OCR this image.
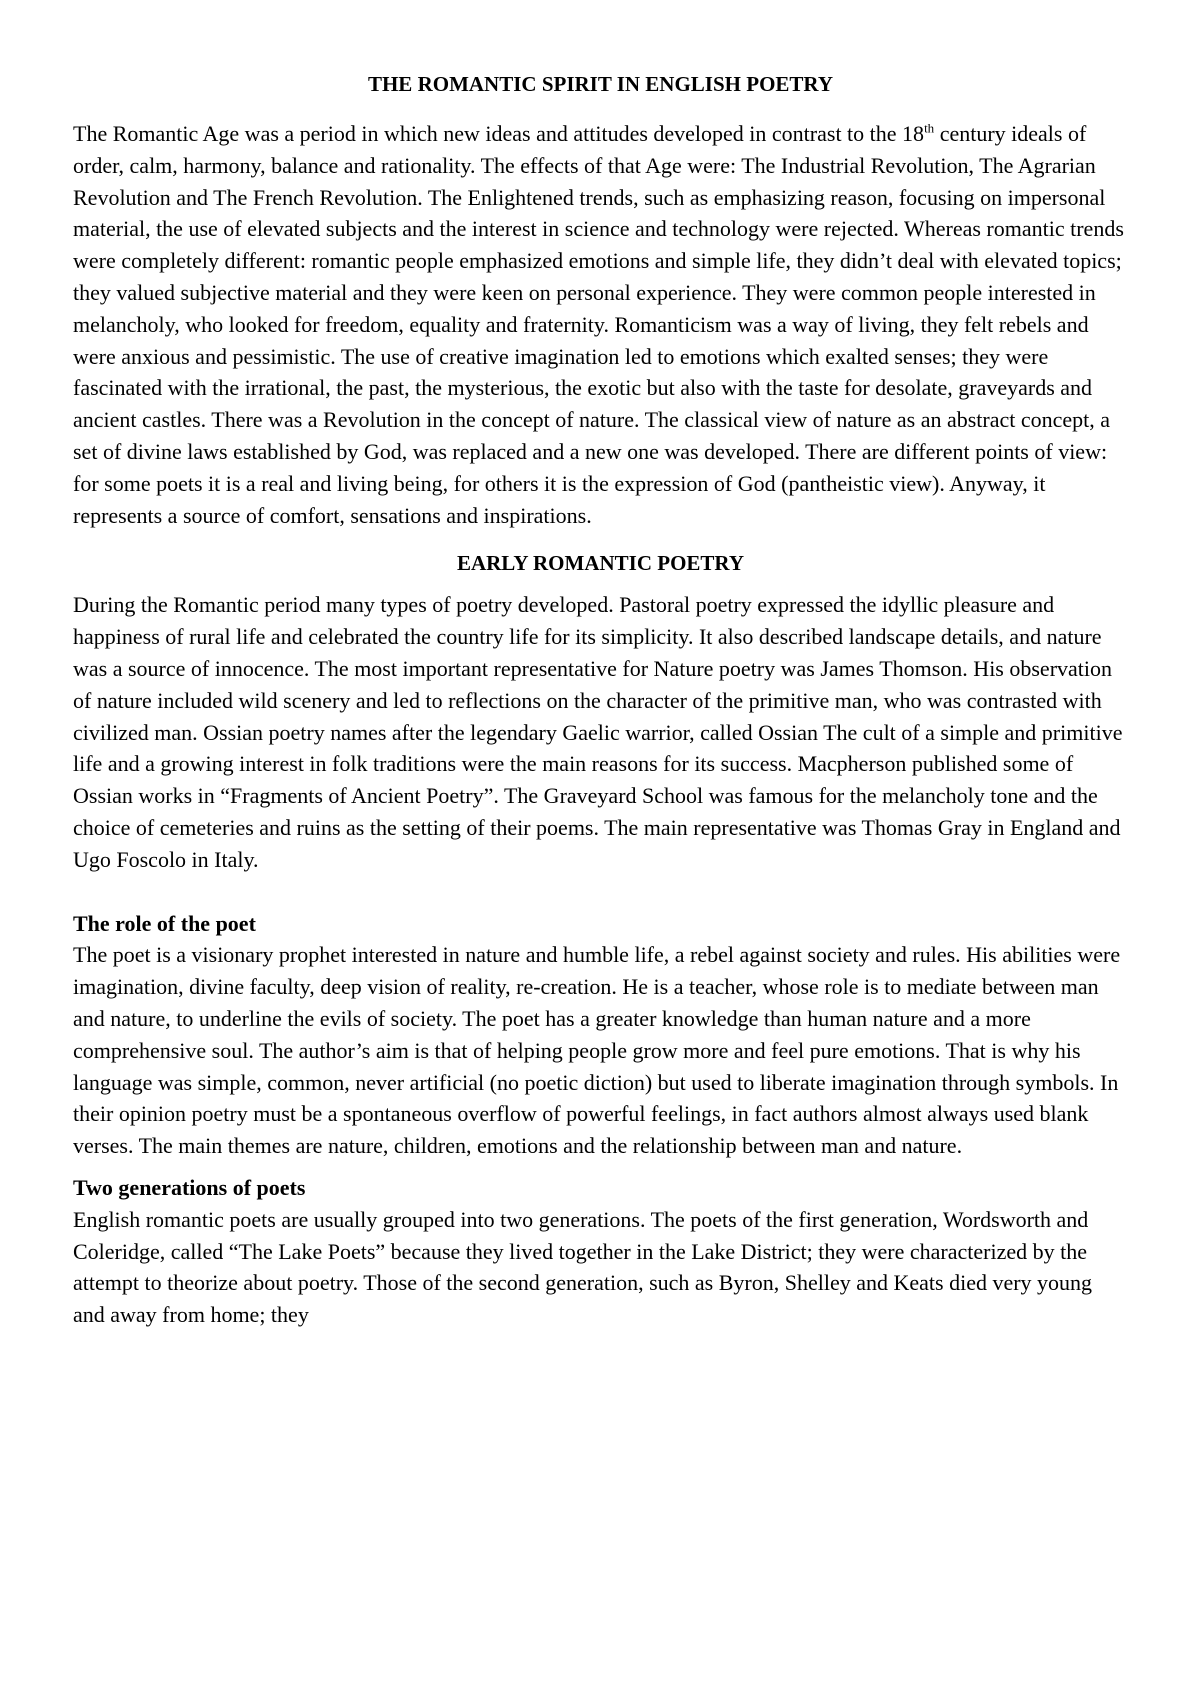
THE ROMANTIC SPIRIT IN ENGLISH POETRY

The Romantic Age was a period in which new ideas and attitudes developed in contrast to the 18th century ideals of order, calm, harmony, balance and rationality. The effects of that Age were: The Industrial Revolution, The Agrarian Revolution and The French Revolution. The Enlightened trends, such as emphasizing reason, focusing on impersonal material, the use of elevated subjects and the interest in science and technology were rejected. Whereas romantic trends were completely different: romantic people emphasized emotions and simple life, they didn’t deal with elevated topics; they valued subjective material and they were keen on personal experience. They were common people interested in melancholy, who looked for freedom, equality and fraternity. Romanticism was a way of living, they felt rebels and were anxious and pessimistic. The use of creative imagination led to emotions which exalted senses; they were fascinated with the irrational, the past, the mysterious, the exotic but also with the taste for desolate, graveyards and ancient castles. There was a Revolution in the concept of nature. The classical view of nature as an abstract concept, a set of divine laws established by God, was replaced and a new one was developed. There are different points of view: for some poets it is a real and living being, for others it is the expression of God (pantheistic view). Anyway, it represents a source of comfort, sensations and inspirations.

EARLY ROMANTIC POETRY

During the Romantic period many types of poetry developed. Pastoral poetry expressed the idyllic pleasure and happiness of rural life and celebrated the country life for its simplicity. It also described landscape details, and nature was a source of innocence. The most important representative for Nature poetry was James Thomson. His observation of nature included wild scenery and led to reflections on the character of the primitive man, who was contrasted with civilized man. Ossian poetry names after the legendary Gaelic warrior, called Ossian The cult of a simple and primitive life and a growing interest in folk traditions were the main reasons for its success. Macpherson published some of Ossian works in “Fragments of Ancient Poetry”. The Graveyard School was famous for the melancholy tone and the choice of cemeteries and ruins as the setting of their poems. The main representative was Thomas Gray in England and Ugo Foscolo in Italy.

The role of the poet

The poet is a visionary prophet interested in nature and humble life, a rebel against society and rules. His abilities were imagination, divine faculty, deep vision of reality, re-creation. He is a teacher, whose role is to mediate between man and nature, to underline the evils of society. The poet has a greater knowledge than human nature and a more comprehensive soul. The author’s aim is that of helping people grow more and feel pure emotions. That is why his language was simple, common, never artificial (no poetic diction) but used to liberate imagination through symbols. In their opinion poetry must be a spontaneous overflow of powerful feelings, in fact authors almost always used blank verses. The main themes are nature, children, emotions and the relationship between man and nature.

Two generations of poets

English romantic poets are usually grouped into two generations. The poets of the first generation, Wordsworth and Coleridge, called “The Lake Poets” because they lived together in the Lake District; they were characterized by the attempt to theorize about poetry. Those of the second generation, such as Byron, Shelley and Keats died very young and away from home; they
